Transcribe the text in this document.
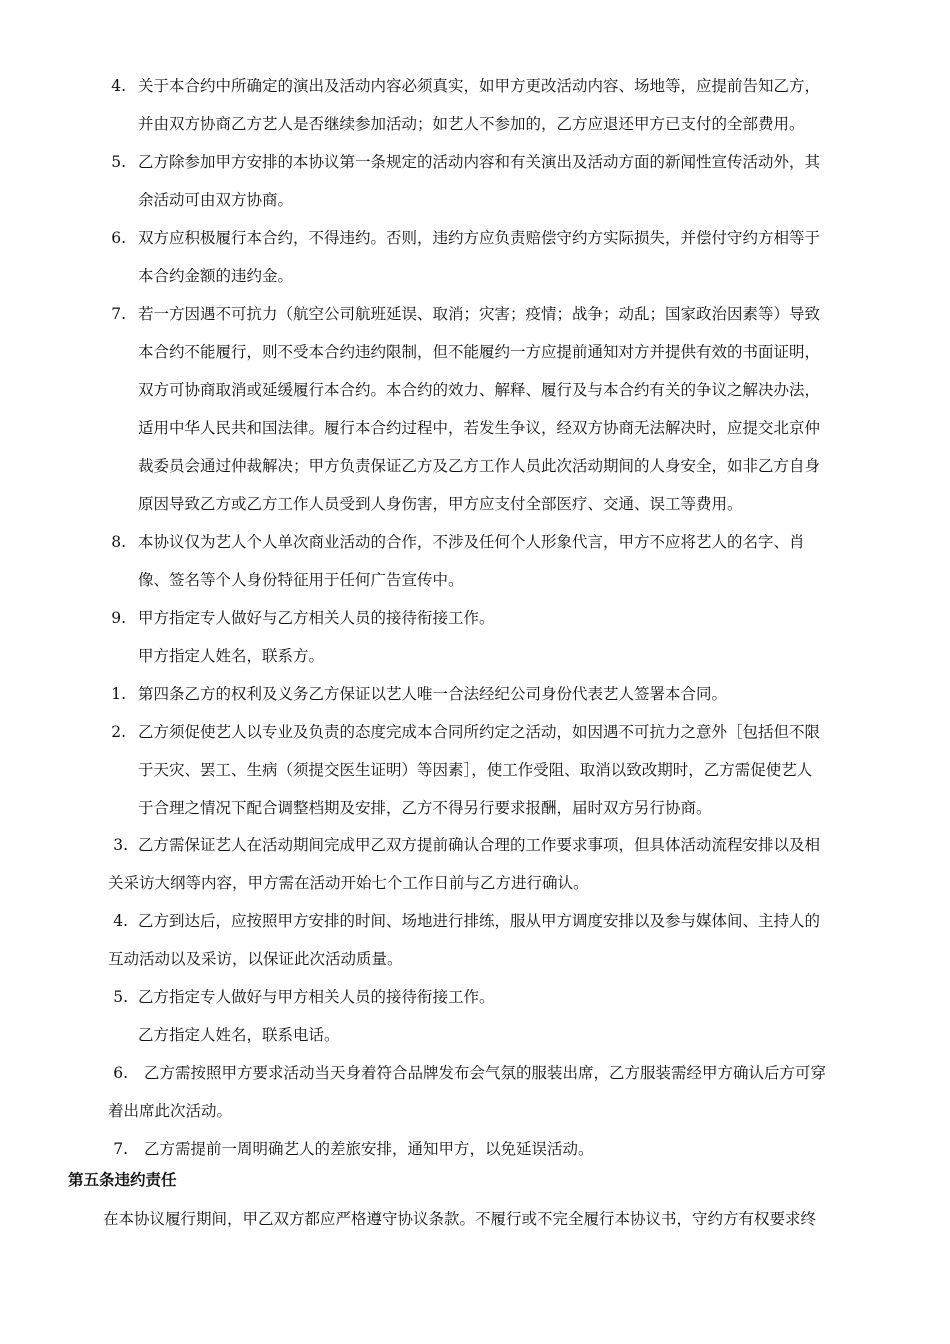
4. 关于本合约中所确定的演出及活动内容必须真实，如甲方更改活动内容、场地等，应提前告知乙方，
并由双方协商乙方艺人是否继续参加活动；如艺人不参加的，乙方应退还甲方已支付的全部费用。
5. 乙方除参加甲方安排的本协议第一条规定的活动内容和有关演出及活动方面的新闻性宣传活动外，其
余活动可由双方协商。
6. 双方应积极履行本合约，不得违约。否则，违约方应负责赔偿守约方实际损失，并偿付守约方相等于
本合约金额的违约金。
7. 若一方因遇不可抗力（航空公司航班延误、取消；灾害；疫情；战争；动乱；国家政治因素等）导致
本合约不能履行，则不受本合约违约限制，但不能履约一方应提前通知对方并提供有效的书面证明，
双方可协商取消或延缓履行本合约。本合约的效力、解释、履行及与本合约有关的争议之解决办法，
适用中华人民共和国法律。履行本合约过程中，若发生争议，经双方协商无法解决时，应提交北京仲
裁委员会通过仲裁解决；甲方负责保证乙方及乙方工作人员此次活动期间的人身安全，如非乙方自身
原因导致乙方或乙方工作人员受到人身伤害，甲方应支付全部医疗、交通、误工等费用。
8. 本协议仅为艺人个人单次商业活动的合作，不涉及任何个人形象代言，甲方不应将艺人的名字、肖
像、签名等个人身份特征用于任何广告宣传中。
9. 甲方指定专人做好与乙方相关人员的接待衔接工作。
甲方指定人姓名，联系方。
1. 第四条乙方的权利及义务乙方保证以艺人唯一合法经纪公司身份代表艺人签署本合同。
2. 乙方须促使艺人以专业及负责的态度完成本合同所约定之活动，如因遇不可抗力之意外［包括但不限
于天灾、罢工、生病（须提交医生证明）等因素］，使工作受阻、取消以致改期时，乙方需促使艺人
于合理之情况下配合调整档期及安排，乙方不得另行要求报酬，届时双方另行协商。
3. 乙方需保证艺人在活动期间完成甲乙双方提前确认合理的工作要求事项，但具体活动流程安排以及相
关采访大纲等内容，甲方需在活动开始七个工作日前与乙方进行确认。
4. 乙方到达后，应按照甲方安排的时间、场地进行排练，服从甲方调度安排以及参与媒体间、主持人的
互动活动以及采访，以保证此次活动质量。
5. 乙方指定专人做好与甲方相关人员的接待衔接工作。
乙方指定人姓名，联系电话。
6. 乙方需按照甲方要求活动当天身着符合品牌发布会气氛的服装出席，乙方服装需经甲方确认后方可穿
着出席此次活动。
7. 乙方需提前一周明确艺人的差旅安排，通知甲方，以免延误活动。
第五条违约责任
在本协议履行期间，甲乙双方都应严格遵守协议条款。不履行或不完全履行本协议书，守约方有权要求终
